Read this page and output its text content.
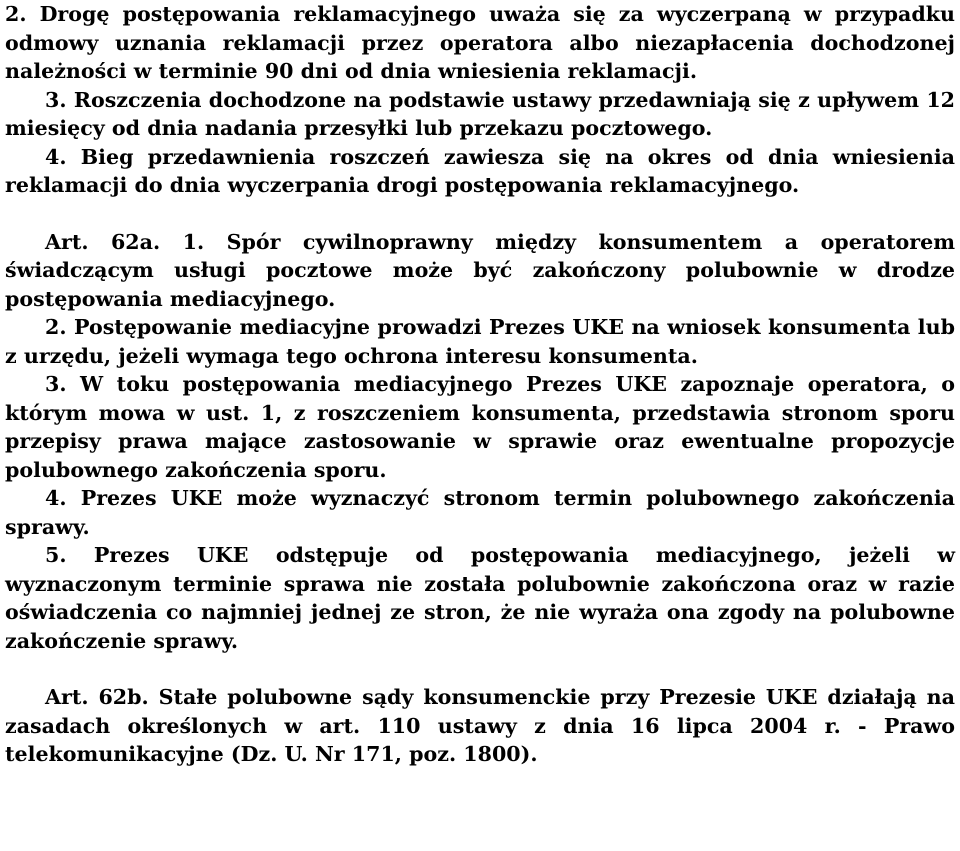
2. Drogę postępowania reklamacyjnego uważa się za wyczerpaną w przypadku odmowy uznania reklamacji przez operatora albo niezapłacenia dochodzonej należności w terminie 90 dni od dnia wniesienia reklamacji.

3. Roszczenia dochodzone na podstawie ustawy przedawniają się z upływem 12 miesięcy od dnia nadania przesyłki lub przekazu pocztowego.

4. Bieg przedawnienia roszczeń zawiesza się na okres od dnia wniesienia reklamacji do dnia wyczerpania drogi postępowania reklamacyjnego.

Art. 62a. 1. Spór cywilnoprawny między konsumentem a operatorem świadczącym usługi pocztowe może być zakończony polubownie w drodze postępowania mediacyjnego.

2. Postępowanie mediacyjne prowadzi Prezes UKE na wniosek konsumenta lub z urzędu, jeżeli wymaga tego ochrona interesu konsumenta.

3. W toku postępowania mediacyjnego Prezes UKE zapoznaje operatora, o którym mowa w ust. 1, z roszczeniem konsumenta, przedstawia stronom sporu przepisy prawa mające zastosowanie w sprawie oraz ewentualne propozycje polubownego zakończenia sporu.

4. Prezes UKE może wyznaczyć stronom termin polubownego zakończenia sprawy.

5. Prezes UKE odstępuje od postępowania mediacyjnego, jeżeli w wyznaczonym terminie sprawa nie została polubownie zakończona oraz w razie oświadczenia co najmniej jednej ze stron, że nie wyraża ona zgody na polubowne zakończenie sprawy.

Art. 62b. Stałe polubowne sądy konsumenckie przy Prezesie UKE działają na zasadach określonych w art. 110 ustawy z dnia 16 lipca 2004 r. - Prawo telekomunikacyjne (Dz. U. Nr 171, poz. 1800).
